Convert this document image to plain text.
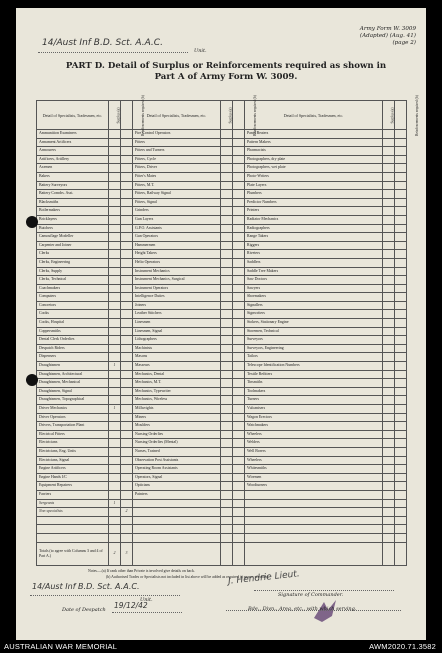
Army Form W. 3009
(Adapted) (Aug. 41)
(page 2)
14/Aust Inf B.D. Sct. A.A.C.
Unit.
PART D. Detail of Surplus or Reinforcements required as shown in
Part A of Army Form W. 3009.
Detail of Specialists, Tradesmen, etc.	Surplus (a)	Reinforcements required (b)	Detail of Specialists, Tradesmen, etc.	Surplus (a)	Reinforcements required (b)	Detail of Specialists, Tradesmen, etc.	Surplus (a)	Reinforcements required (b)
Ammunition Examiners			Fire Control Operators			Panel Beaters		
Armament Artificers			Fitters			Pattern Makers		
Armourers			Fitters and Turners			Pharmacists		
Artificers, Artillery			Fitters, Cycle			Photographers, dry plate		
Axemen			Fitters, Driver			Photographers, wet plate		
Bakers			Fitter's Mates			Photo-Writers		
Battery Surveyors			Fitters, M.T.			Plate Layers		
Battery Comdrs. Asst.			Fitters, Railway Signal			Plumbers		
Blacksmiths			Fitters, Signal			Predictor Numbers		
Boilermakers			Grinders			Printers		
Bricklayers			Gun Layers			Radiator Mechanics		
Butchers			G.P.O. Assistants			Radiographers		
Camouflage Modeller			Gun Operators			Range Takers		
Carpenter and Joiner			Hammermen			Riggers		
Clerks			Height Takers			Riveters		
Clerks, Engineering			Helio Operators			Saddlers		
Clerks, Supply			Instrument Mechanics			Saddle Tree Makers		
Clerks, Technical			Instrument Mechanics, Surgical			Saw Doctors		
Coachmakers			Instrument Operators			Sawyers		
Computers			Intelligence Duties			Shoemakers		
Concretors			Joiners			Signallers		
Cooks			Leather Stitchers			Signwriters		
Cooks, Hospital			Linesmen			Stokers, Stationary Engine		
Coppersmiths			Linesmen, Signal			Storemen, Technical		
Dental Clerk Orderlies			Lithographers			Surveyors		
Despatch Riders			Machinists			Surveyors, Engineering		
Dispensers			Masons			Tailors		
Draughtsmen	1		Masseurs			Telescope Identification Numbers		
Draughtsmen, Architectural			Mechanics, Dental			Textile Refitters		
Draughtsmen, Mechanical			Mechanics, M.T.			Tinsmiths		
Draughtsmen, Signal			Mechanics, Typewriter			Toolmakers		
Draughtsmen, Topographical			Mechanics, Wireless			Turners		
Driver Mechanics	1		Millwrights			Vulcanisers		
Driver Operators			Miners			Wagon Erectors		
Drivers, Transportation Plant			Moulders			Watchmakers		
Electrical Fitters			Nursing Orderlies			Wheelers		
Electricians			Nursing Orderlies (Mental)			Welders		
Electricians, Eng. Units			Nurses, Trained			Well Borers		
Electricians, Signal			Observation Post Assistants			Wheelers		
Engine Artificers			Operating Room Assistants			Whitesmiths		
Engine Hands I/C			Operators, Signal			Wiremen		
Equipment Repairers			Opticians			Woodturners		
Farriers			Painters					
Sergeants	1							
Non specialists		2						

Totals (to agree with Columns 3 and 4 of Part A.)	2	3						
Notes.—(a) If rank other than Private is involved give details on back.
(b) Authorised Trades or Specialists not included in list above will be added as required in spaces provided.
14/Aust Inf B.D. Sct. A.A.C.
Unit.
J. Hendrie Lieut.
Signature of Commander.
Date of Despatch 19/12/42	Bde., Divn., Area, etc., with which serving.
AUSTRALIAN WAR MEMORIAL	AWM2020.71.3582
